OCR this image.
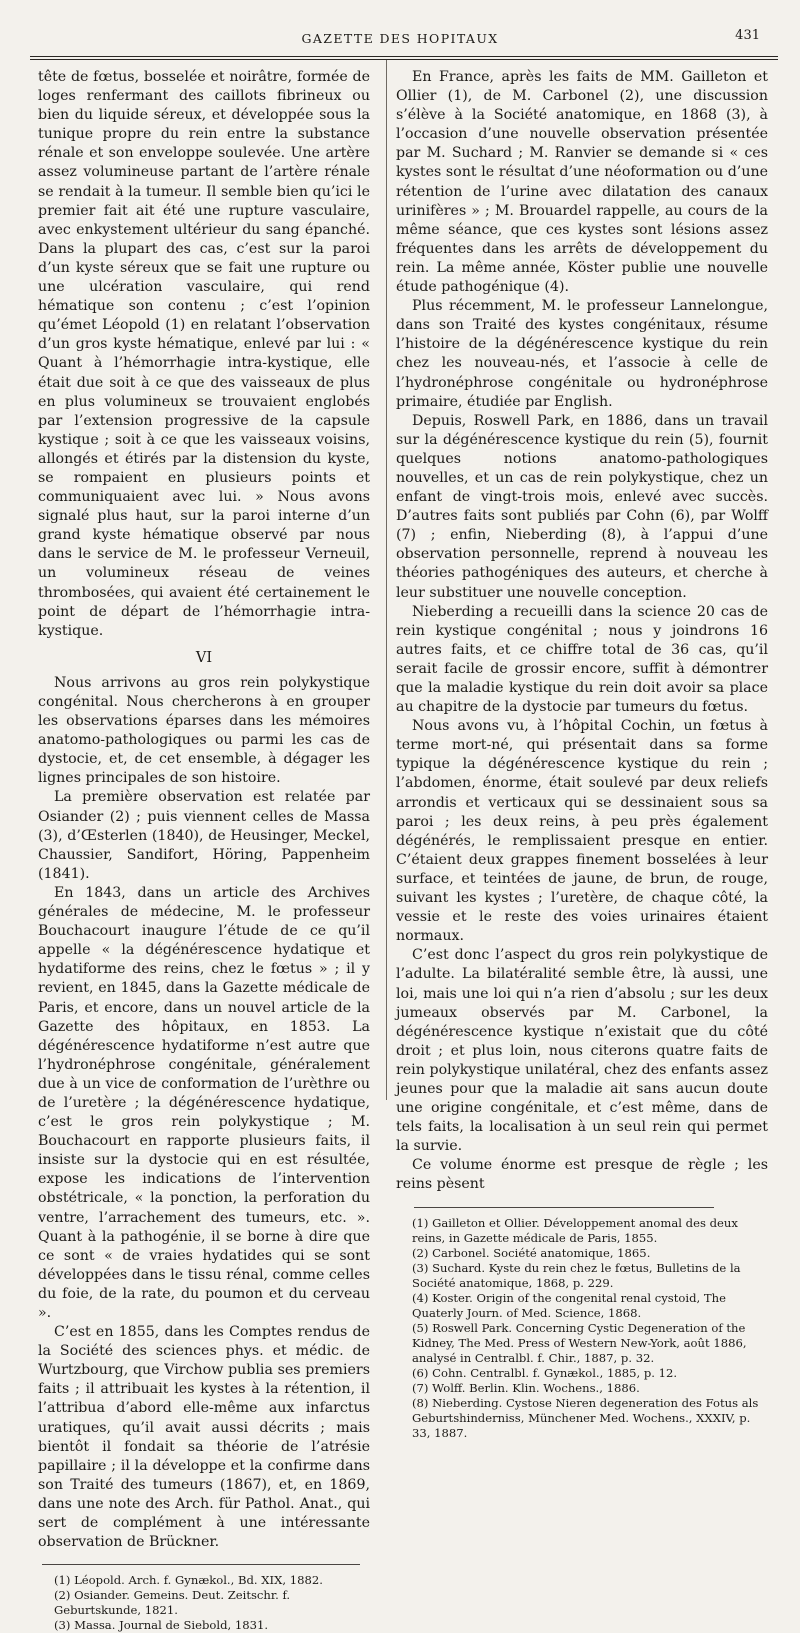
GAZETTE DES HOPITAUX	431

tête de fœtus, bosselée et noirâtre, formée de loges renfermant des caillots fibrineux ou bien du liquide séreux, et développée sous la tunique propre du rein entre la substance rénale et son enveloppe soulevée. Une artère assez volumineuse partant de l’artère rénale se rendait à la tumeur. Il semble bien qu’ici le premier fait ait été une rupture vasculaire, avec enkystement ultérieur du sang épanché. Dans la plupart des cas, c’est sur la paroi d’un kyste séreux que se fait une rupture ou une ulcération vasculaire, qui rend hématique son contenu ; c’est l’opinion qu’émet Léopold (1) en relatant l’observation d’un gros kyste hématique, enlevé par lui : « Quant à l’hémorrhagie intra-kystique, elle était due soit à ce que des vaisseaux de plus en plus volumineux se trouvaient englobés par l’extension progressive de la capsule kystique ; soit à ce que les vaisseaux voisins, allongés et étirés par la distension du kyste, se rompaient en plusieurs points et communiquaient avec lui. » Nous avons signalé plus haut, sur la paroi interne d’un grand kyste hématique observé par nous dans le service de M. le professeur Verneuil, un volumineux réseau de veines thrombosées, qui avaient été certainement le point de départ de l’hémorrhagie intra-kystique.

VI

Nous arrivons au gros rein polykystique congénital. Nous chercherons à en grouper les observations éparses dans les mémoires anatomo-pathologiques ou parmi les cas de dystocie, et, de cet ensemble, à dégager les lignes principales de son histoire.

La première observation est relatée par Osiander (2) ; puis viennent celles de Massa (3), d’Œsterlen (1840), de Heusinger, Meckel, Chaussier, Sandifort, Höring, Pappenheim (1841).

En 1843, dans un article des Archives générales de médecine, M. le professeur Bouchacourt inaugure l’étude de ce qu’il appelle « la dégénérescence hydatique et hydatiforme des reins, chez le fœtus » ; il y revient, en 1845, dans la Gazette médicale de Paris, et encore, dans un nouvel article de la Gazette des hôpitaux, en 1853. La dégénérescence hydatiforme n’est autre que l’hydronéphrose congénitale, généralement due à un vice de conformation de l’urèthre ou de l’uretère ; la dégénérescence hydatique, c’est le gros rein polykystique ; M. Bouchacourt en rapporte plusieurs faits, il insiste sur la dystocie qui en est résultée, expose les indications de l’intervention obstétricale, « la ponction, la perforation du ventre, l’arrachement des tumeurs, etc. ». Quant à la pathogénie, il se borne à dire que ce sont « de vraies hydatides qui se sont développées dans le tissu rénal, comme celles du foie, de la rate, du poumon et du cerveau ».

C’est en 1855, dans les Comptes rendus de la Société des sciences phys. et médic. de Wurtzbourg, que Virchow publia ses premiers faits ; il attribuait les kystes à la rétention, il l’attribua d’abord elle-même aux infarctus uratiques, qu’il avait aussi décrits ; mais bientôt il fondait sa théorie de l’atrésie papillaire ; il la développe et la confirme dans son Traité des tumeurs (1867), et, en 1869, dans une note des Arch. für Pathol. Anat., qui sert de complément à une intéressante observation de Brückner.

(1) Léopold. Arch. f. Gynækol., Bd. XIX, 1882.

(2) Osiander. Gemeins. Deut. Zeitschr. f. Geburtskunde, 1821.

(3) Massa. Journal de Siebold, 1831.

En France, après les faits de MM. Gailleton et Ollier (1), de M. Carbonel (2), une discussion s’élève à la Société anatomique, en 1868 (3), à l’occasion d’une nouvelle observation présentée par M. Suchard ; M. Ranvier se demande si « ces kystes sont le résultat d’une néoformation ou d’une rétention de l’urine avec dilatation des canaux urinifères » ; M. Brouardel rappelle, au cours de la même séance, que ces kystes sont lésions assez fréquentes dans les arrêts de développement du rein. La même année, Köster publie une nouvelle étude pathogénique (4).

Plus récemment, M. le professeur Lannelongue, dans son Traité des kystes congénitaux, résume l’histoire de la dégénérescence kystique du rein chez les nouveau-nés, et l’associe à celle de l’hydronéphrose congénitale ou hydronéphrose primaire, étudiée par English.

Depuis, Roswell Park, en 1886, dans un travail sur la dégénérescence kystique du rein (5), fournit quelques notions anatomo-pathologiques nouvelles, et un cas de rein polykystique, chez un enfant de vingt-trois mois, enlevé avec succès. D’autres faits sont publiés par Cohn (6), par Wolff (7) ; enfin, Nieberding (8), à l’appui d’une observation personnelle, reprend à nouveau les théories pathogéniques des auteurs, et cherche à leur substituer une nouvelle conception.

Nieberding a recueilli dans la science 20 cas de rein kystique congénital ; nous y joindrons 16 autres faits, et ce chiffre total de 36 cas, qu’il serait facile de grossir encore, suffit à démontrer que la maladie kystique du rein doit avoir sa place au chapitre de la dystocie par tumeurs du fœtus.

Nous avons vu, à l’hôpital Cochin, un fœtus à terme mort-né, qui présentait dans sa forme typique la dégénérescence kystique du rein ; l’abdomen, énorme, était soulevé par deux reliefs arrondis et verticaux qui se dessinaient sous sa paroi ; les deux reins, à peu près également dégénérés, le remplissaient presque en entier. C’étaient deux grappes finement bosselées à leur surface, et teintées de jaune, de brun, de rouge, suivant les kystes ; l’uretère, de chaque côté, la vessie et le reste des voies urinaires étaient normaux.

C’est donc l’aspect du gros rein polykystique de l’adulte. La bilatéralité semble être, là aussi, une loi, mais une loi qui n’a rien d’absolu ; sur les deux jumeaux observés par M. Carbonel, la dégénérescence kystique n’existait que du côté droit ; et plus loin, nous citerons quatre faits de rein polykystique unilatéral, chez des enfants assez jeunes pour que la maladie ait sans aucun doute une origine congénitale, et c’est même, dans de tels faits, la localisation à un seul rein qui permet la survie.

Ce volume énorme est presque de règle ; les reins pèsent

(1) Gailleton et Ollier. Développement anomal des deux reins, in Gazette médicale de Paris, 1855.

(2) Carbonel. Société anatomique, 1865.

(3) Suchard. Kyste du rein chez le fœtus, Bulletins de la Société anatomique, 1868, p. 229.

(4) Koster. Origin of the congenital renal cystoid, The Quaterly Journ. of Med. Science, 1868.

(5) Roswell Park. Concerning Cystic Degeneration of the Kidney, The Med. Press of Western New-York, août 1886, analysé in Centralbl. f. Chir., 1887, p. 32.

(6) Cohn. Centralbl. f. Gynækol., 1885, p. 12.

(7) Wolff. Berlin. Klin. Wochens., 1886.

(8) Nieberding. Cystose Nieren degeneration des Fotus als Geburtshinderniss, Münchener Med. Wochens., XXXIV, p. 33, 1887.
